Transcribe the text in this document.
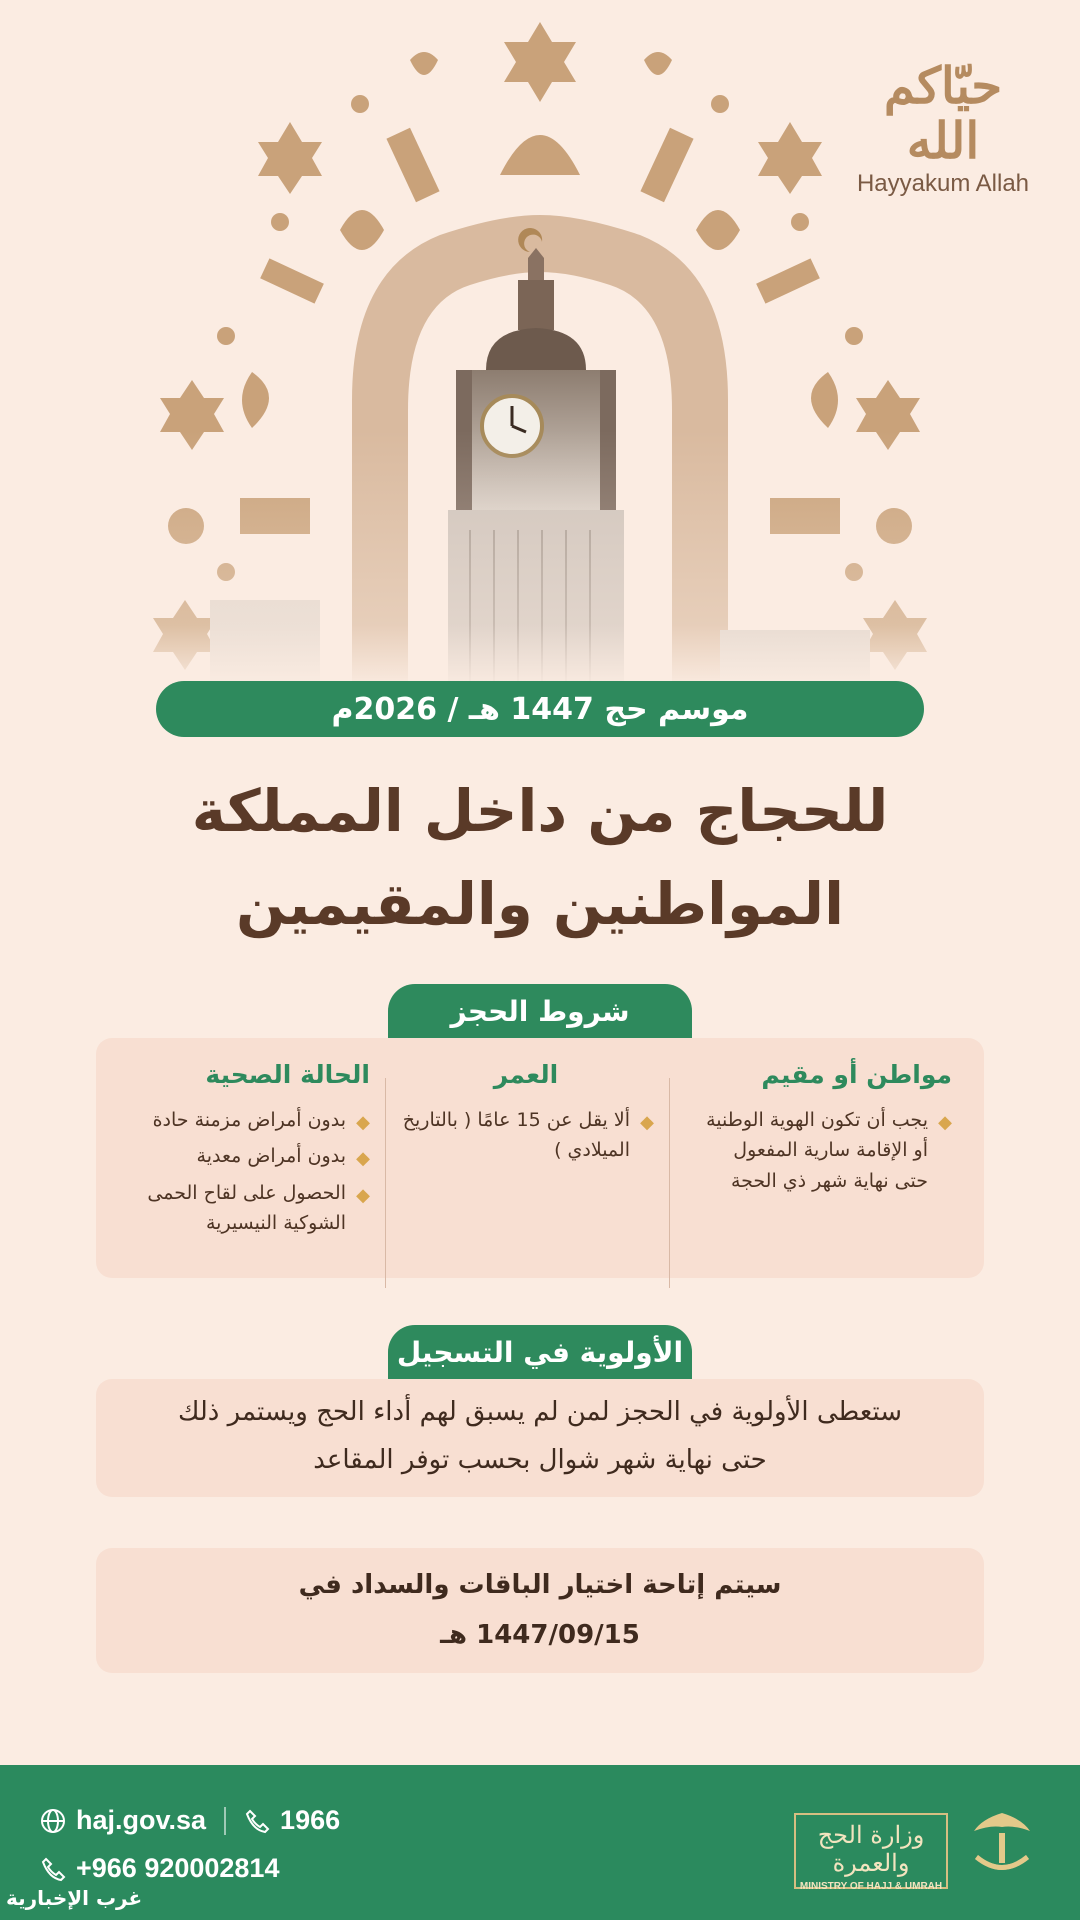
حيّاكم الله
Hayyakum Allah
موسم حج 1447 هـ / 2026م
للحجاج من داخل المملكة
المواطنين والمقيمين
شروط الحجز
مواطن أو مقيم
◆
يجب أن تكون الهوية الوطنية أو الإقامة سارية المفعول حتى نهاية شهر ذي الحجة
العمر
◆
ألا يقل عن 15 عامًا ( بالتاريخ الميلادي )
الحالة الصحية
◆
بدون أمراض مزمنة حادة
◆
بدون أمراض معدية
◆
الحصول على لقاح الحمى الشوكية النيسيرية
الأولوية في التسجيل
ستعطى الأولوية في الحجز لمن لم يسبق لهم أداء الحج ويستمر ذلك
حتى نهاية شهر شوال بحسب توفر المقاعد
سيتم إتاحة اختيار الباقات والسداد في
1447/09/15 هـ
haj.gov.sa	1966
+966 920002814
وزارة الحج والعمرة
MINISTRY OF HAJJ & UMRAH
غرب الإخبارية
